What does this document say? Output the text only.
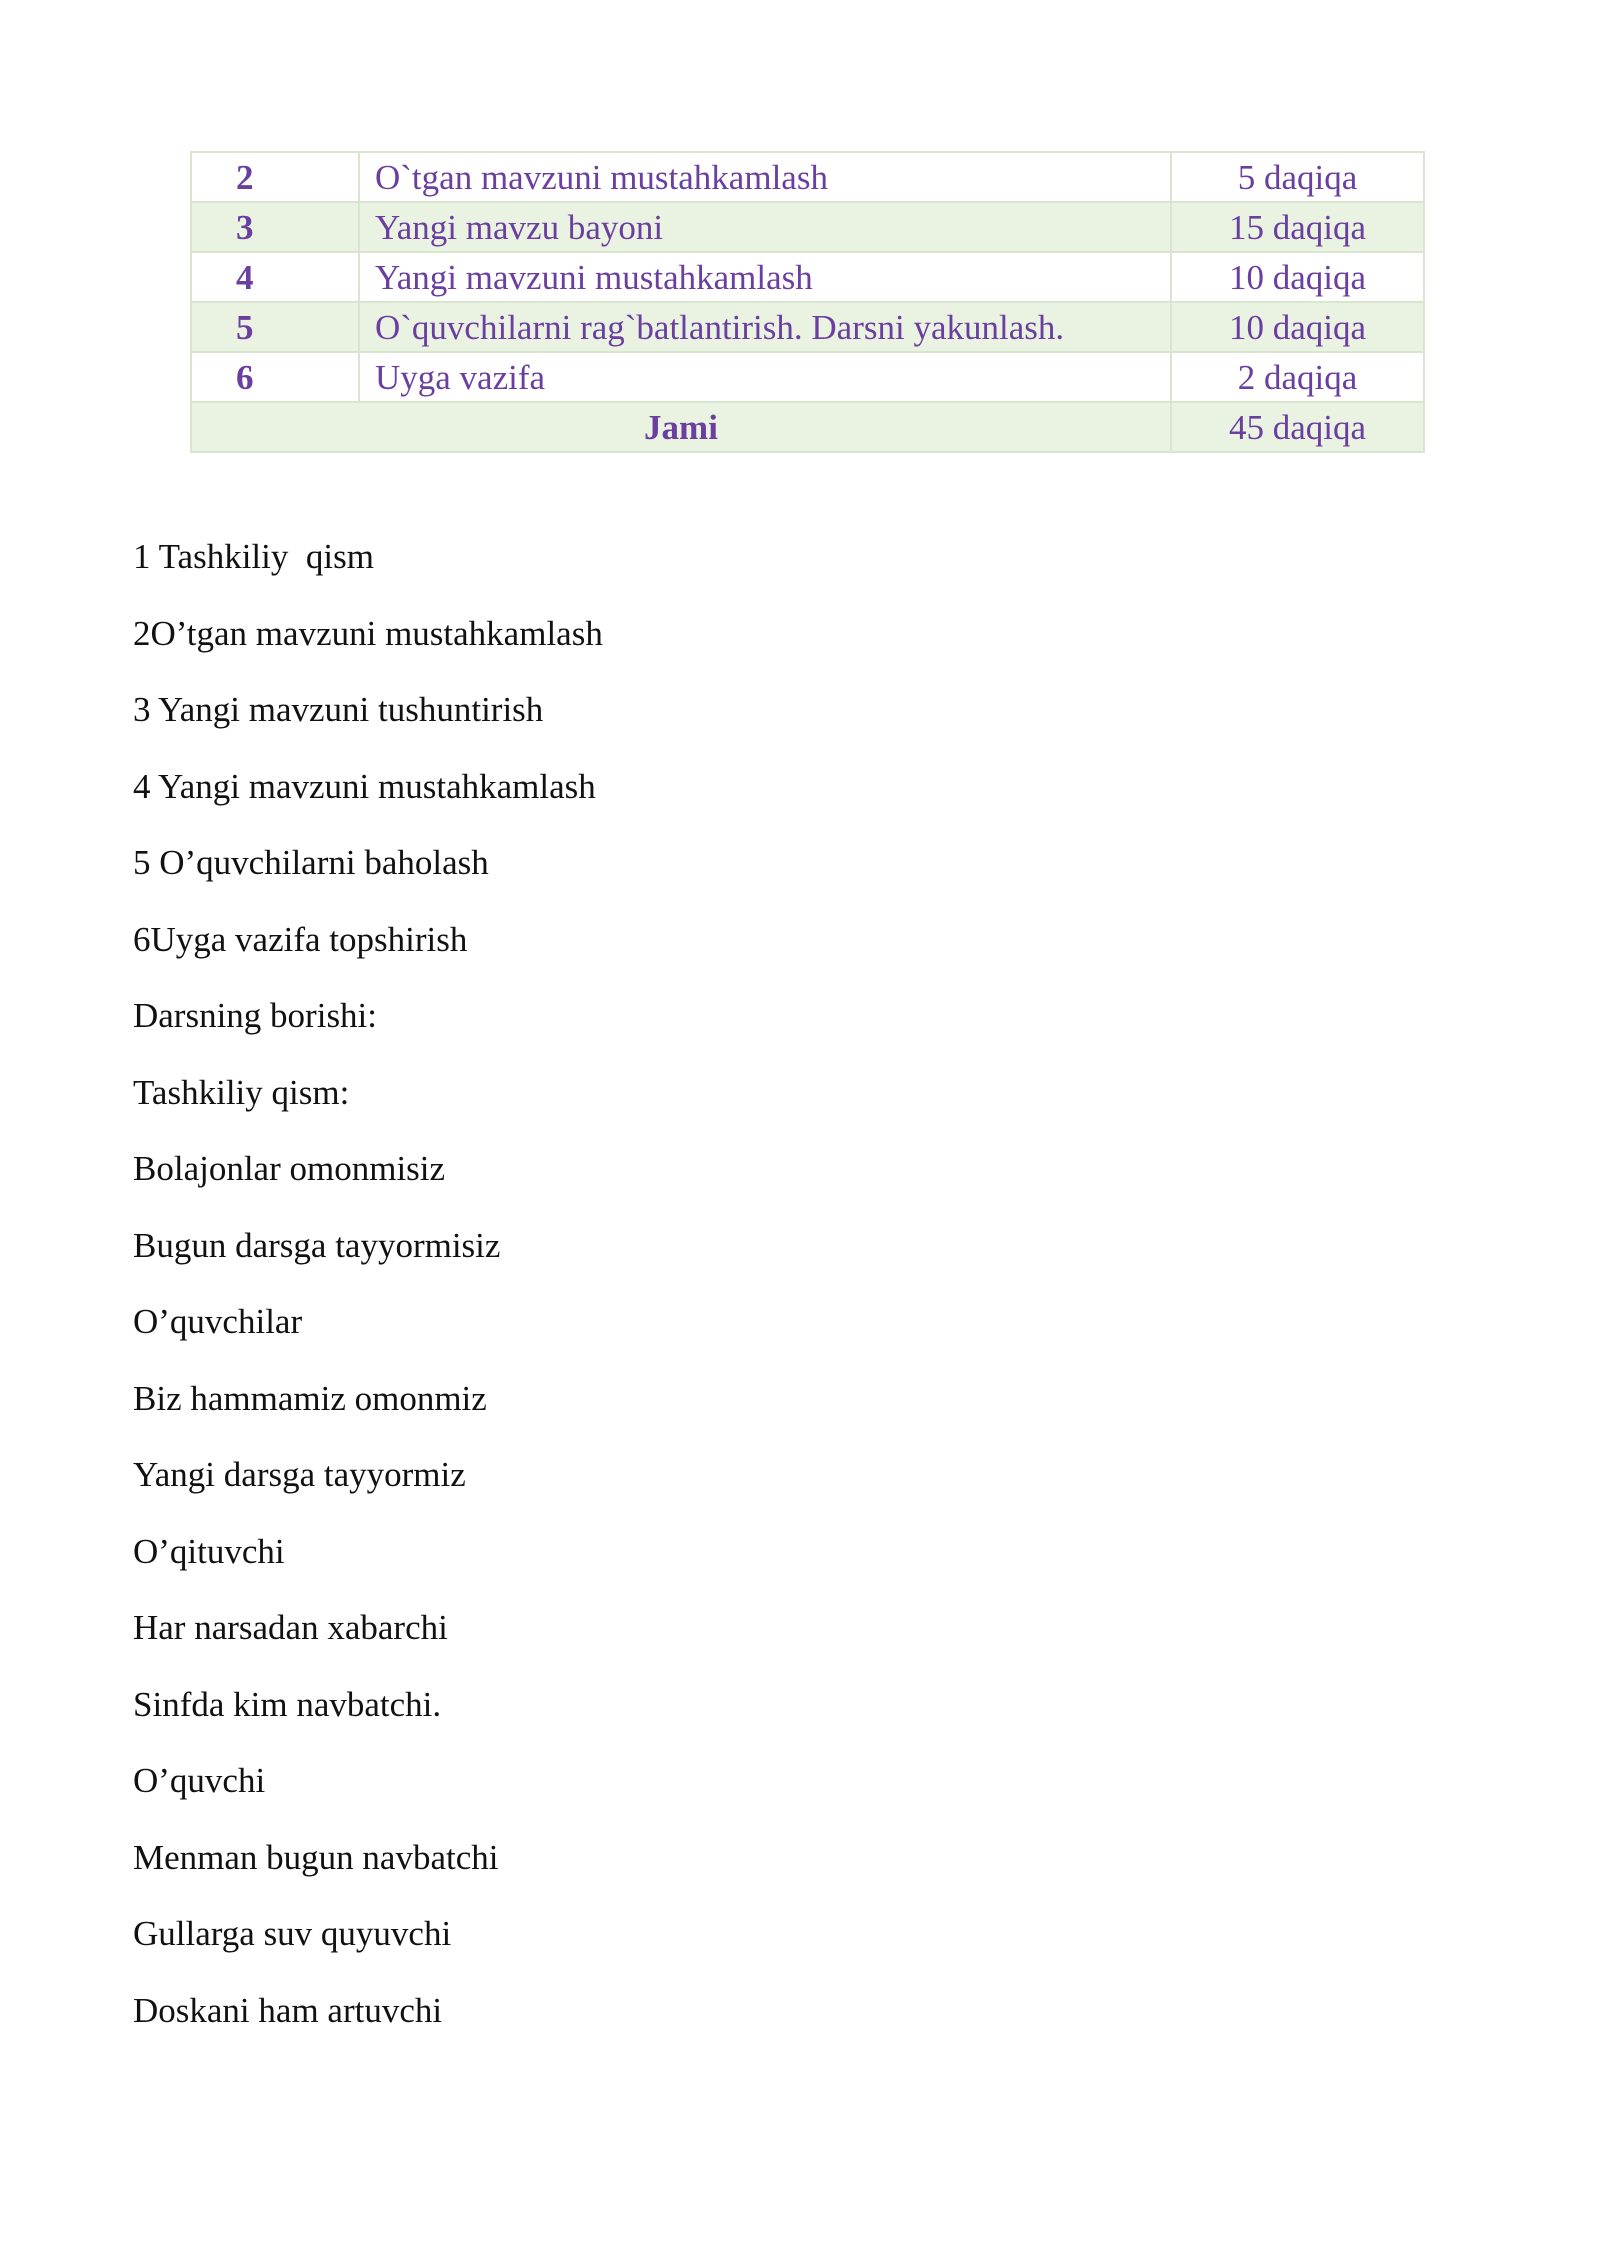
2	O`tgan mavzuni mustahkamlash	5 daqiqa
3	Yangi mavzu bayoni	15 daqiqa
4	Yangi mavzuni mustahkamlash	10 daqiqa
5	O`quvchilarni rag`batlantirish. Darsni yakunlash.	10 daqiqa
6	Uyga vazifa	2 daqiqa
Jami		45 daqiqa

1 Tashkiliy  qism

2O’tgan mavzuni mustahkamlash

3 Yangi mavzuni tushuntirish

4 Yangi mavzuni mustahkamlash

5 O’quvchilarni baholash

6Uyga vazifa topshirish

Darsning borishi:

Tashkiliy qism:

Bolajonlar omonmisiz

Bugun darsga tayyormisiz

O’quvchilar

Biz hammamiz omonmiz

Yangi darsga tayyormiz

O’qituvchi

Har narsadan xabarchi

Sinfda kim navbatchi.

O’quvchi

Menman bugun navbatchi

Gullarga suv quyuvchi

Doskani ham artuvchi
